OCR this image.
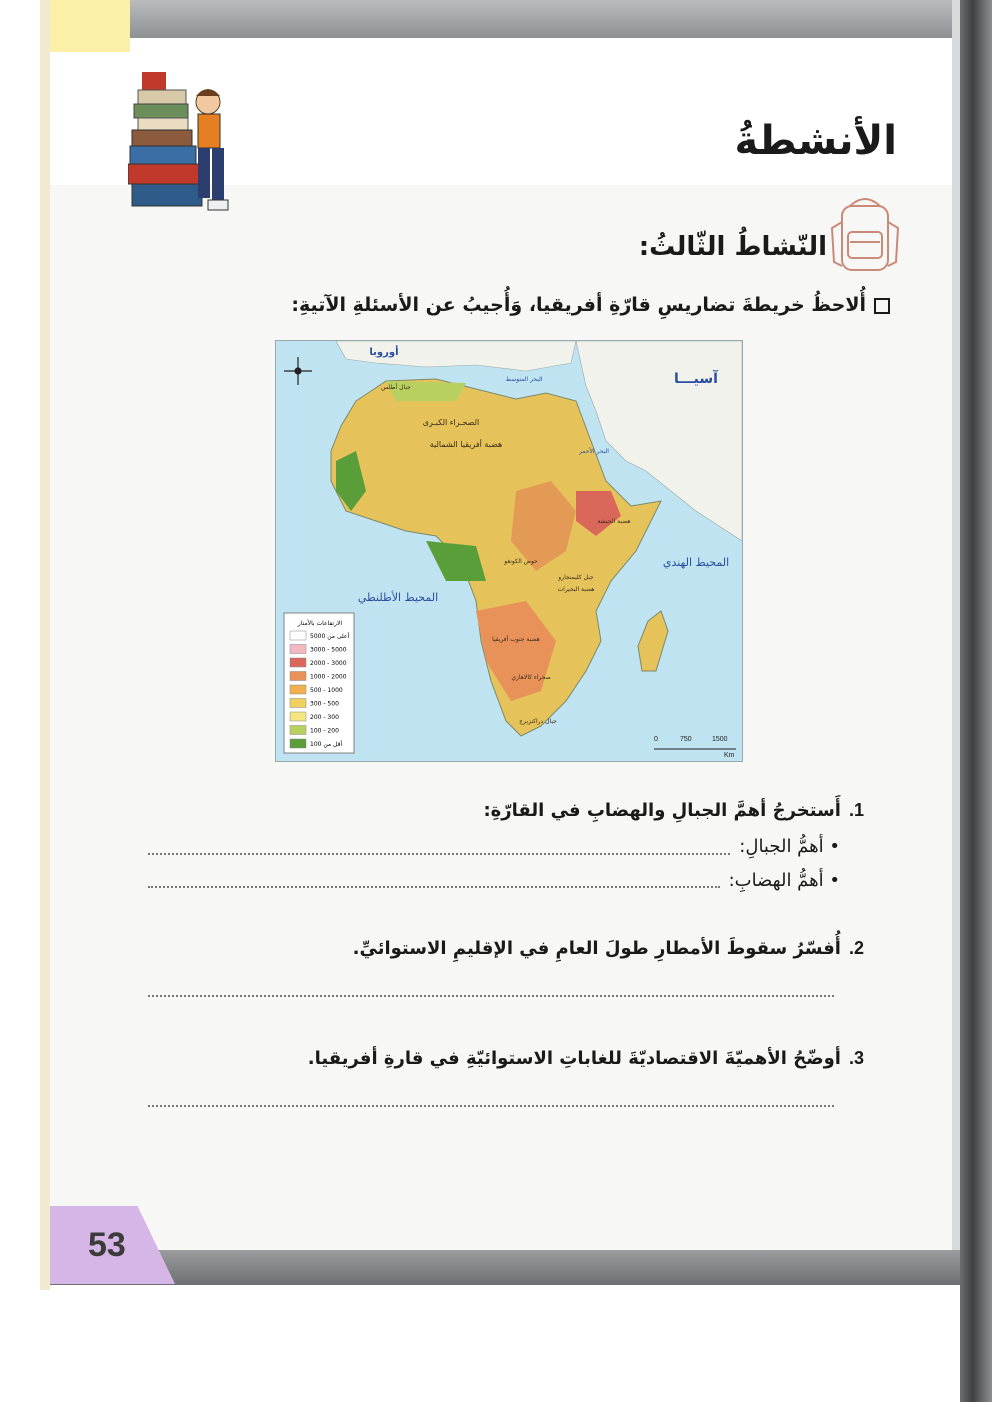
53
الأنشطةُ
النّشاطُ الثّالثُ:
أُلاحظُ خريطةَ تضاريسِ قارّةِ أفريقيا، وَأُجيبُ عن الأسئلةِ الآتيةِ:
أوروبا
آسيـــا
المحيط الأطلنطي
المحيط الهندي
البحر المتوسط
الصحـراء الكبـرى
هضبة أفريقيا الشمالية
جبال أطلس
هضبة الحبشة
حوض الكونغو
جبل كليمنجارو
هضبة البحيرات
هضبة جنوب أفريقيا
صحراء كالاهاري
جبال دراكنزبرج
البحر الأحمر
الارتفاعات بالأمتار
أعلى من 5000
3000 - 5000
2000 - 3000
1000 - 2000
500 - 1000
300 - 500
200 - 300
100 - 200
أقل من 100
0	750	1500
Km
1.أَستخرجُ أهمَّ الجبالِ والهضابِ في القارّةِ:
• أهمُّ الجبالِ:
• أهمُّ الهضابِ:
2.أُفسّرُ سقوطَ الأمطارِ طولَ العامِ في الإقليمِ الاستوائيِّ.
3.أوضّحُ الأهميّةَ الاقتصاديّةَ للغاباتِ الاستوائيّةِ في قارةِ أفريقيا.
